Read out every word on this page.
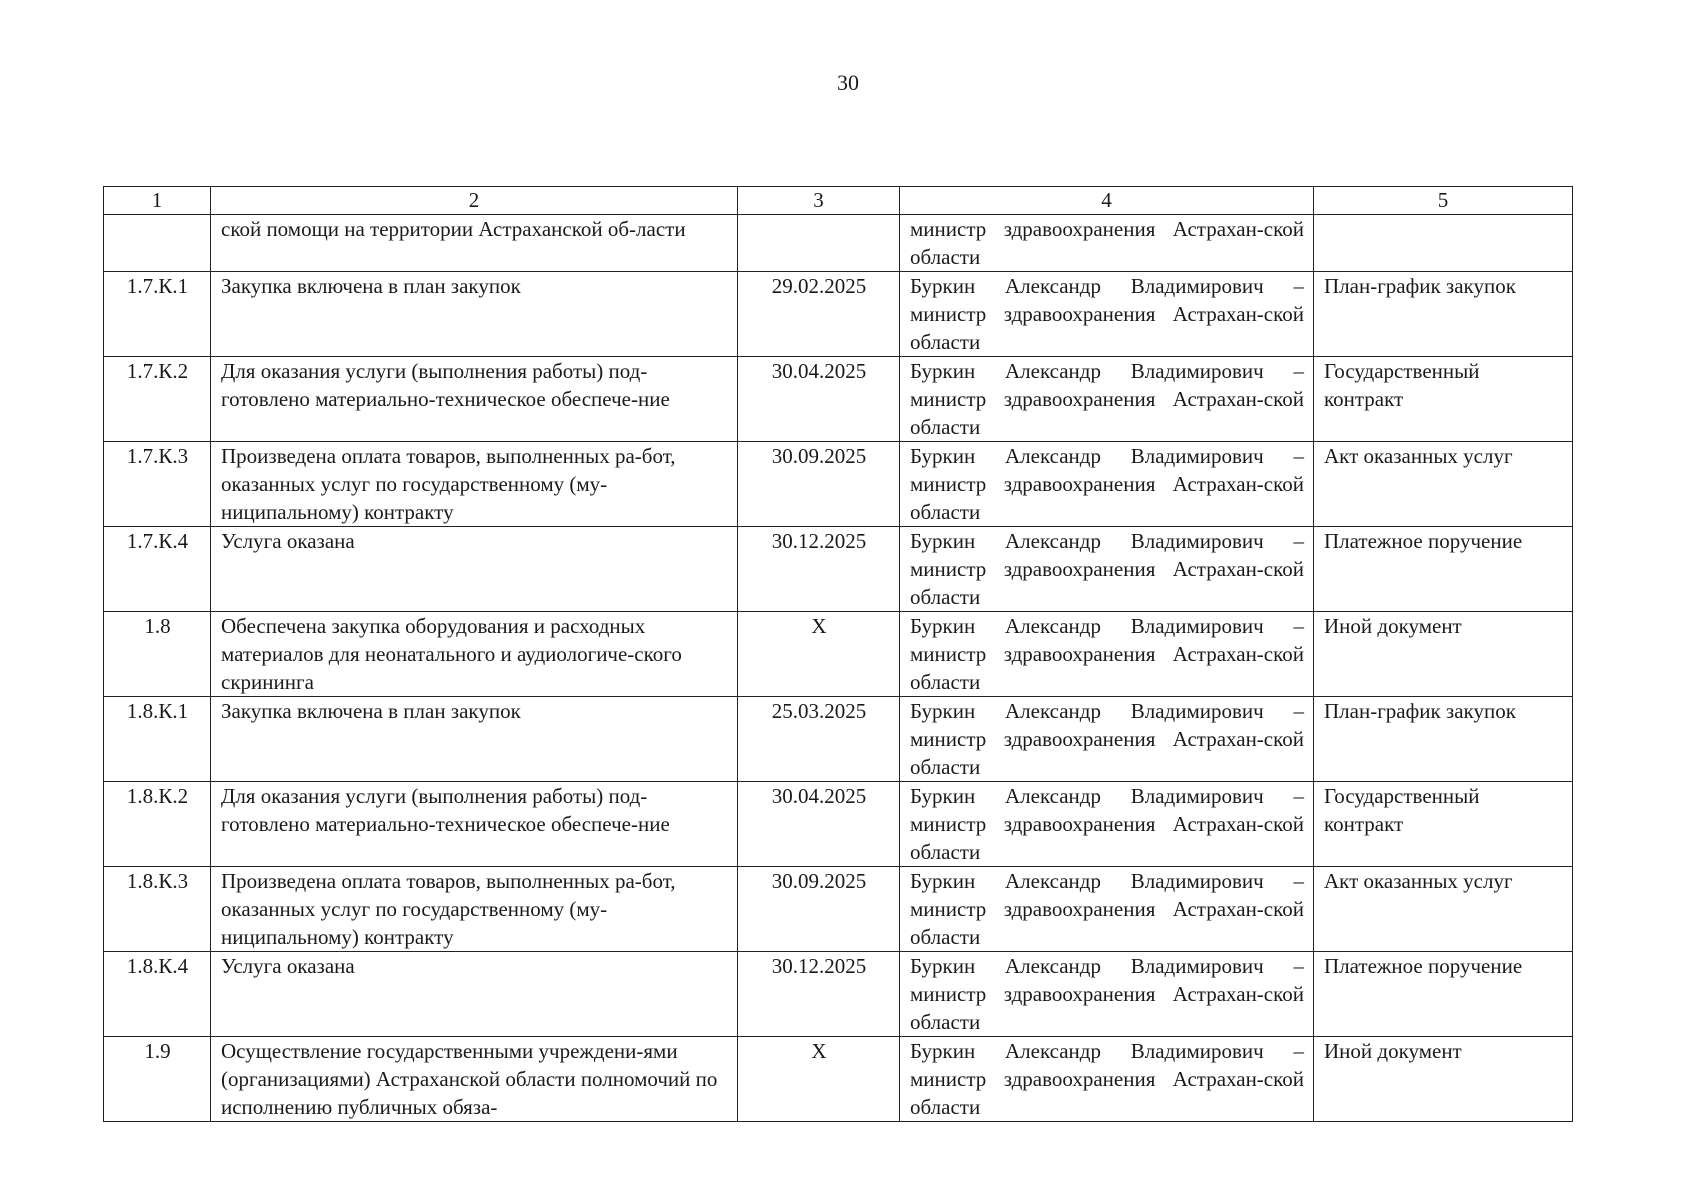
30
1	2	3	4	5
	ской помощи на территории Астраханской об-ласти		министр здравоохранения Астрахан-ской области	
1.7.К.1	Закупка включена в план закупок	29.02.2025	Буркин Александр Владимирович – министр здравоохранения Астрахан-ской области	План-график закупок
1.7.К.2	Для оказания услуги (выполнения работы) под-готовлено материально-техническое обеспече-ние	30.04.2025	Буркин Александр Владимирович – министр здравоохранения Астрахан-ской области	Государственный контракт
1.7.К.3	Произведена оплата товаров, выполненных ра-бот, оказанных услуг по государственному (му-ниципальному) контракту	30.09.2025	Буркин Александр Владимирович – министр здравоохранения Астрахан-ской области	Акт оказанных услуг
1.7.К.4	Услуга оказана	30.12.2025	Буркин Александр Владимирович – министр здравоохранения Астрахан-ской области	Платежное поручение
1.8	Обеспечена закупка оборудования и расходных материалов для неонатального и аудиологиче-ского скрининга	X	Буркин Александр Владимирович – министр здравоохранения Астрахан-ской области	Иной документ
1.8.К.1	Закупка включена в план закупок	25.03.2025	Буркин Александр Владимирович – министр здравоохранения Астрахан-ской области	План-график закупок
1.8.К.2	Для оказания услуги (выполнения работы) под-готовлено материально-техническое обеспече-ние	30.04.2025	Буркин Александр Владимирович – министр здравоохранения Астрахан-ской области	Государственный контракт
1.8.К.3	Произведена оплата товаров, выполненных ра-бот, оказанных услуг по государственному (му-ниципальному) контракту	30.09.2025	Буркин Александр Владимирович – министр здравоохранения Астрахан-ской области	Акт оказанных услуг
1.8.К.4	Услуга оказана	30.12.2025	Буркин Александр Владимирович – министр здравоохранения Астрахан-ской области	Платежное поручение
1.9	Осуществление государственными учреждени-ями (организациями) Астраханской области полномочий по исполнению публичных обяза-	X	Буркин Александр Владимирович – министр здравоохранения Астрахан-ской области	Иной документ
